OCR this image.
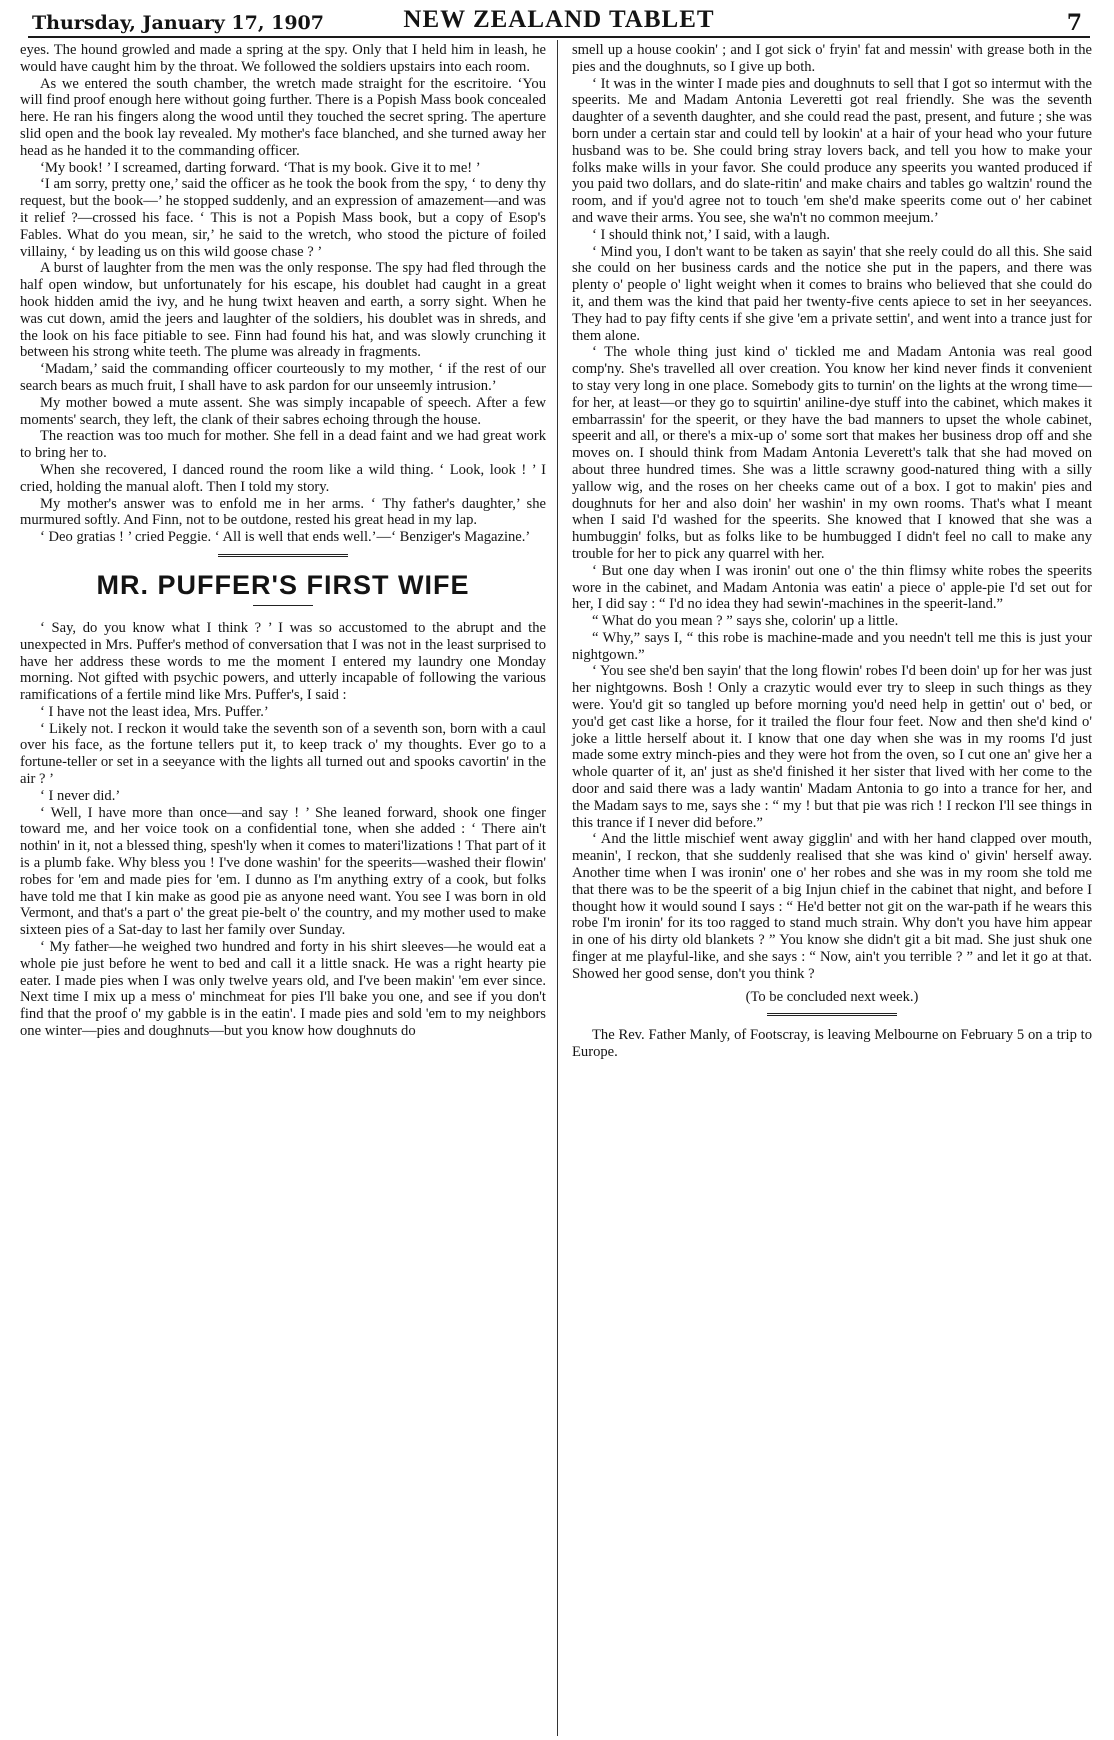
Thursday, January 17, 1907	NEW ZEALAND TABLET	7

eyes. The hound growled and made a spring at the spy. Only that I held him in leash, he would have caught him by the throat. We followed the soldiers upstairs into each room.

As we entered the south chamber, the wretch made straight for the escritoire. ‘You will find proof enough here without going further. There is a Popish Mass book concealed here. He ran his fingers along the wood until they touched the secret spring. The aperture slid open and the book lay revealed. My mother's face blanched, and she turned away her head as he handed it to the commanding officer.

‘My book! ’ I screamed, darting forward. ‘That is my book. Give it to me! ’

‘I am sorry, pretty one,’ said the officer as he took the book from the spy, ‘ to deny thy request, but the book—’ he stopped suddenly, and an expression of amazement—and was it relief ?—crossed his face. ‘ This is not a Popish Mass book, but a copy of Esop's Fables. What do you mean, sir,’ he said to the wretch, who stood the picture of foiled villainy, ‘ by leading us on this wild goose chase ? ’

A burst of laughter from the men was the only response. The spy had fled through the half open window, but unfortunately for his escape, his doublet had caught in a great hook hidden amid the ivy, and he hung twixt heaven and earth, a sorry sight. When he was cut down, amid the jeers and laughter of the soldiers, his doublet was in shreds, and the look on his face pitiable to see. Finn had found his hat, and was slowly crunching it between his strong white teeth. The plume was already in fragments.

‘Madam,’ said the commanding officer courteously to my mother, ‘ if the rest of our search bears as much fruit, I shall have to ask pardon for our unseemly intrusion.’

My mother bowed a mute assent. She was simply incapable of speech. After a few moments' search, they left, the clank of their sabres echoing through the house.

The reaction was too much for mother. She fell in a dead faint and we had great work to bring her to.

When she recovered, I danced round the room like a wild thing. ‘ Look, look ! ’ I cried, holding the manual aloft. Then I told my story.

My mother's answer was to enfold me in her arms. ‘ Thy father's daughter,’ she murmured softly. And Finn, not to be outdone, rested his great head in my lap.

‘ Deo gratias ! ’ cried Peggie. ‘ All is well that ends well.’—‘ Benziger's Magazine.’

MR. PUFFER'S FIRST WIFE

‘ Say, do you know what I think ? ’ I was so accustomed to the abrupt and the unexpected in Mrs. Puffer's method of conversation that I was not in the least surprised to have her address these words to me the moment I entered my laundry one Monday morning. Not gifted with psychic powers, and utterly incapable of following the various ramifications of a fertile mind like Mrs. Puffer's, I said :

‘ I have not the least idea, Mrs. Puffer.’

‘ Likely not. I reckon it would take the seventh son of a seventh son, born with a caul over his face, as the fortune tellers put it, to keep track o' my thoughts. Ever go to a fortune-teller or set in a seeyance with the lights all turned out and spooks cavortin' in the air ? ’

‘ I never did.’

‘ Well, I have more than once—and say ! ’ She leaned forward, shook one finger toward me, and her voice took on a confidential tone, when she added : ‘ There ain't nothin' in it, not a blessed thing, spesh'ly when it comes to materi'lizations ! That part of it is a plumb fake. Why bless you ! I've done washin' for the speerits—washed their flowin' robes for 'em and made pies for 'em. I dunno as I'm anything extry of a cook, but folks have told me that I kin make as good pie as anyone need want. You see I was born in old Vermont, and that's a part o' the great pie-belt o' the country, and my mother used to make sixteen pies of a Sat-day to last her family over Sunday.

‘ My father—he weighed two hundred and forty in his shirt sleeves—he would eat a whole pie just before he went to bed and call it a little snack. He was a right hearty pie eater. I made pies when I was only twelve years old, and I've been makin' 'em ever since. Next time I mix up a mess o' minchmeat for pies I'll bake you one, and see if you don't find that the proof o' my gabble is in the eatin'. I made pies and sold 'em to my neighbors one winter—pies and doughnuts—but you know how doughnuts do

smell up a house cookin' ; and I got sick o' fryin' fat and messin' with grease both in the pies and the doughnuts, so I give up both.

‘ It was in the winter I made pies and doughnuts to sell that I got so intermut with the speerits. Me and Madam Antonia Leveretti got real friendly. She was the seventh daughter of a seventh daughter, and she could read the past, present, and future ; she was born under a certain star and could tell by lookin' at a hair of your head who your future husband was to be. She could bring stray lovers back, and tell you how to make your folks make wills in your favor. She could produce any speerits you wanted produced if you paid two dollars, and do slate-ritin' and make chairs and tables go waltzin' round the room, and if you'd agree not to touch 'em she'd make speerits come out o' her cabinet and wave their arms. You see, she wa'n't no common meejum.’

‘ I should think not,’ I said, with a laugh.

‘ Mind you, I don't want to be taken as sayin' that she reely could do all this. She said she could on her business cards and the notice she put in the papers, and there was plenty o' people o' light weight when it comes to brains who believed that she could do it, and them was the kind that paid her twenty-five cents apiece to set in her seeyances. They had to pay fifty cents if she give 'em a private settin', and went into a trance just for them alone.

‘ The whole thing just kind o' tickled me and Madam Antonia was real good comp'ny. She's travelled all over creation. You know her kind never finds it convenient to stay very long in one place. Somebody gits to turnin' on the lights at the wrong time—for her, at least—or they go to squirtin' aniline-dye stuff into the cabinet, which makes it embarrassin' for the speerit, or they have the bad manners to upset the whole cabinet, speerit and all, or there's a mix-up o' some sort that makes her business drop off and she moves on. I should think from Madam Antonia Leverett's talk that she had moved on about three hundred times. She was a little scrawny good-natured thing with a silly yallow wig, and the roses on her cheeks came out of a box. I got to makin' pies and doughnuts for her and also doin' her washin' in my own rooms. That's what I meant when I said I'd washed for the speerits. She knowed that I knowed that she was a humbuggin' folks, but as folks like to be humbugged I didn't feel no call to make any trouble for her to pick any quarrel with her.

‘ But one day when I was ironin' out one o' the thin flimsy white robes the speerits wore in the cabinet, and Madam Antonia was eatin' a piece o' apple-pie I'd set out for her, I did say : “ I'd no idea they had sewin'-machines in the speerit-land.”

“ What do you mean ? ” says she, colorin' up a little.

“ Why,” says I, “ this robe is machine-made and you needn't tell me this is just your nightgown.”

‘ You see she'd ben sayin' that the long flowin' robes I'd been doin' up for her was just her nightgowns. Bosh ! Only a crazytic would ever try to sleep in such things as they were. You'd git so tangled up before morning you'd need help in gettin' out o' bed, or you'd get cast like a horse, for it trailed the flour four feet. Now and then she'd kind o' joke a little herself about it. I know that one day when she was in my rooms I'd just made some extry minch-pies and they were hot from the oven, so I cut one an' give her a whole quarter of it, an' just as she'd finished it her sister that lived with her come to the door and said there was a lady wantin' Madam Antonia to go into a trance for her, and the Madam says to me, says she : “ my ! but that pie was rich ! I reckon I'll see things in this trance if I never did before.”

‘ And the little mischief went away gigglin' and with her hand clapped over mouth, meanin', I reckon, that she suddenly realised that she was kind o' givin' herself away. Another time when I was ironin' one o' her robes and she was in my room she told me that there was to be the speerit of a big Injun chief in the cabinet that night, and before I thought how it would sound I says : “ He'd better not git on the war-path if he wears this robe I'm ironin' for its too ragged to stand much strain. Why don't you have him appear in one of his dirty old blankets ? ” You know she didn't git a bit mad. She just shuk one finger at me playful-like, and she says : “ Now, ain't you terrible ? ” and let it go at that. Showed her good sense, don't you think ?

(To be concluded next week.)

The Rev. Father Manly, of Footscray, is leaving Melbourne on February 5 on a trip to Europe.
